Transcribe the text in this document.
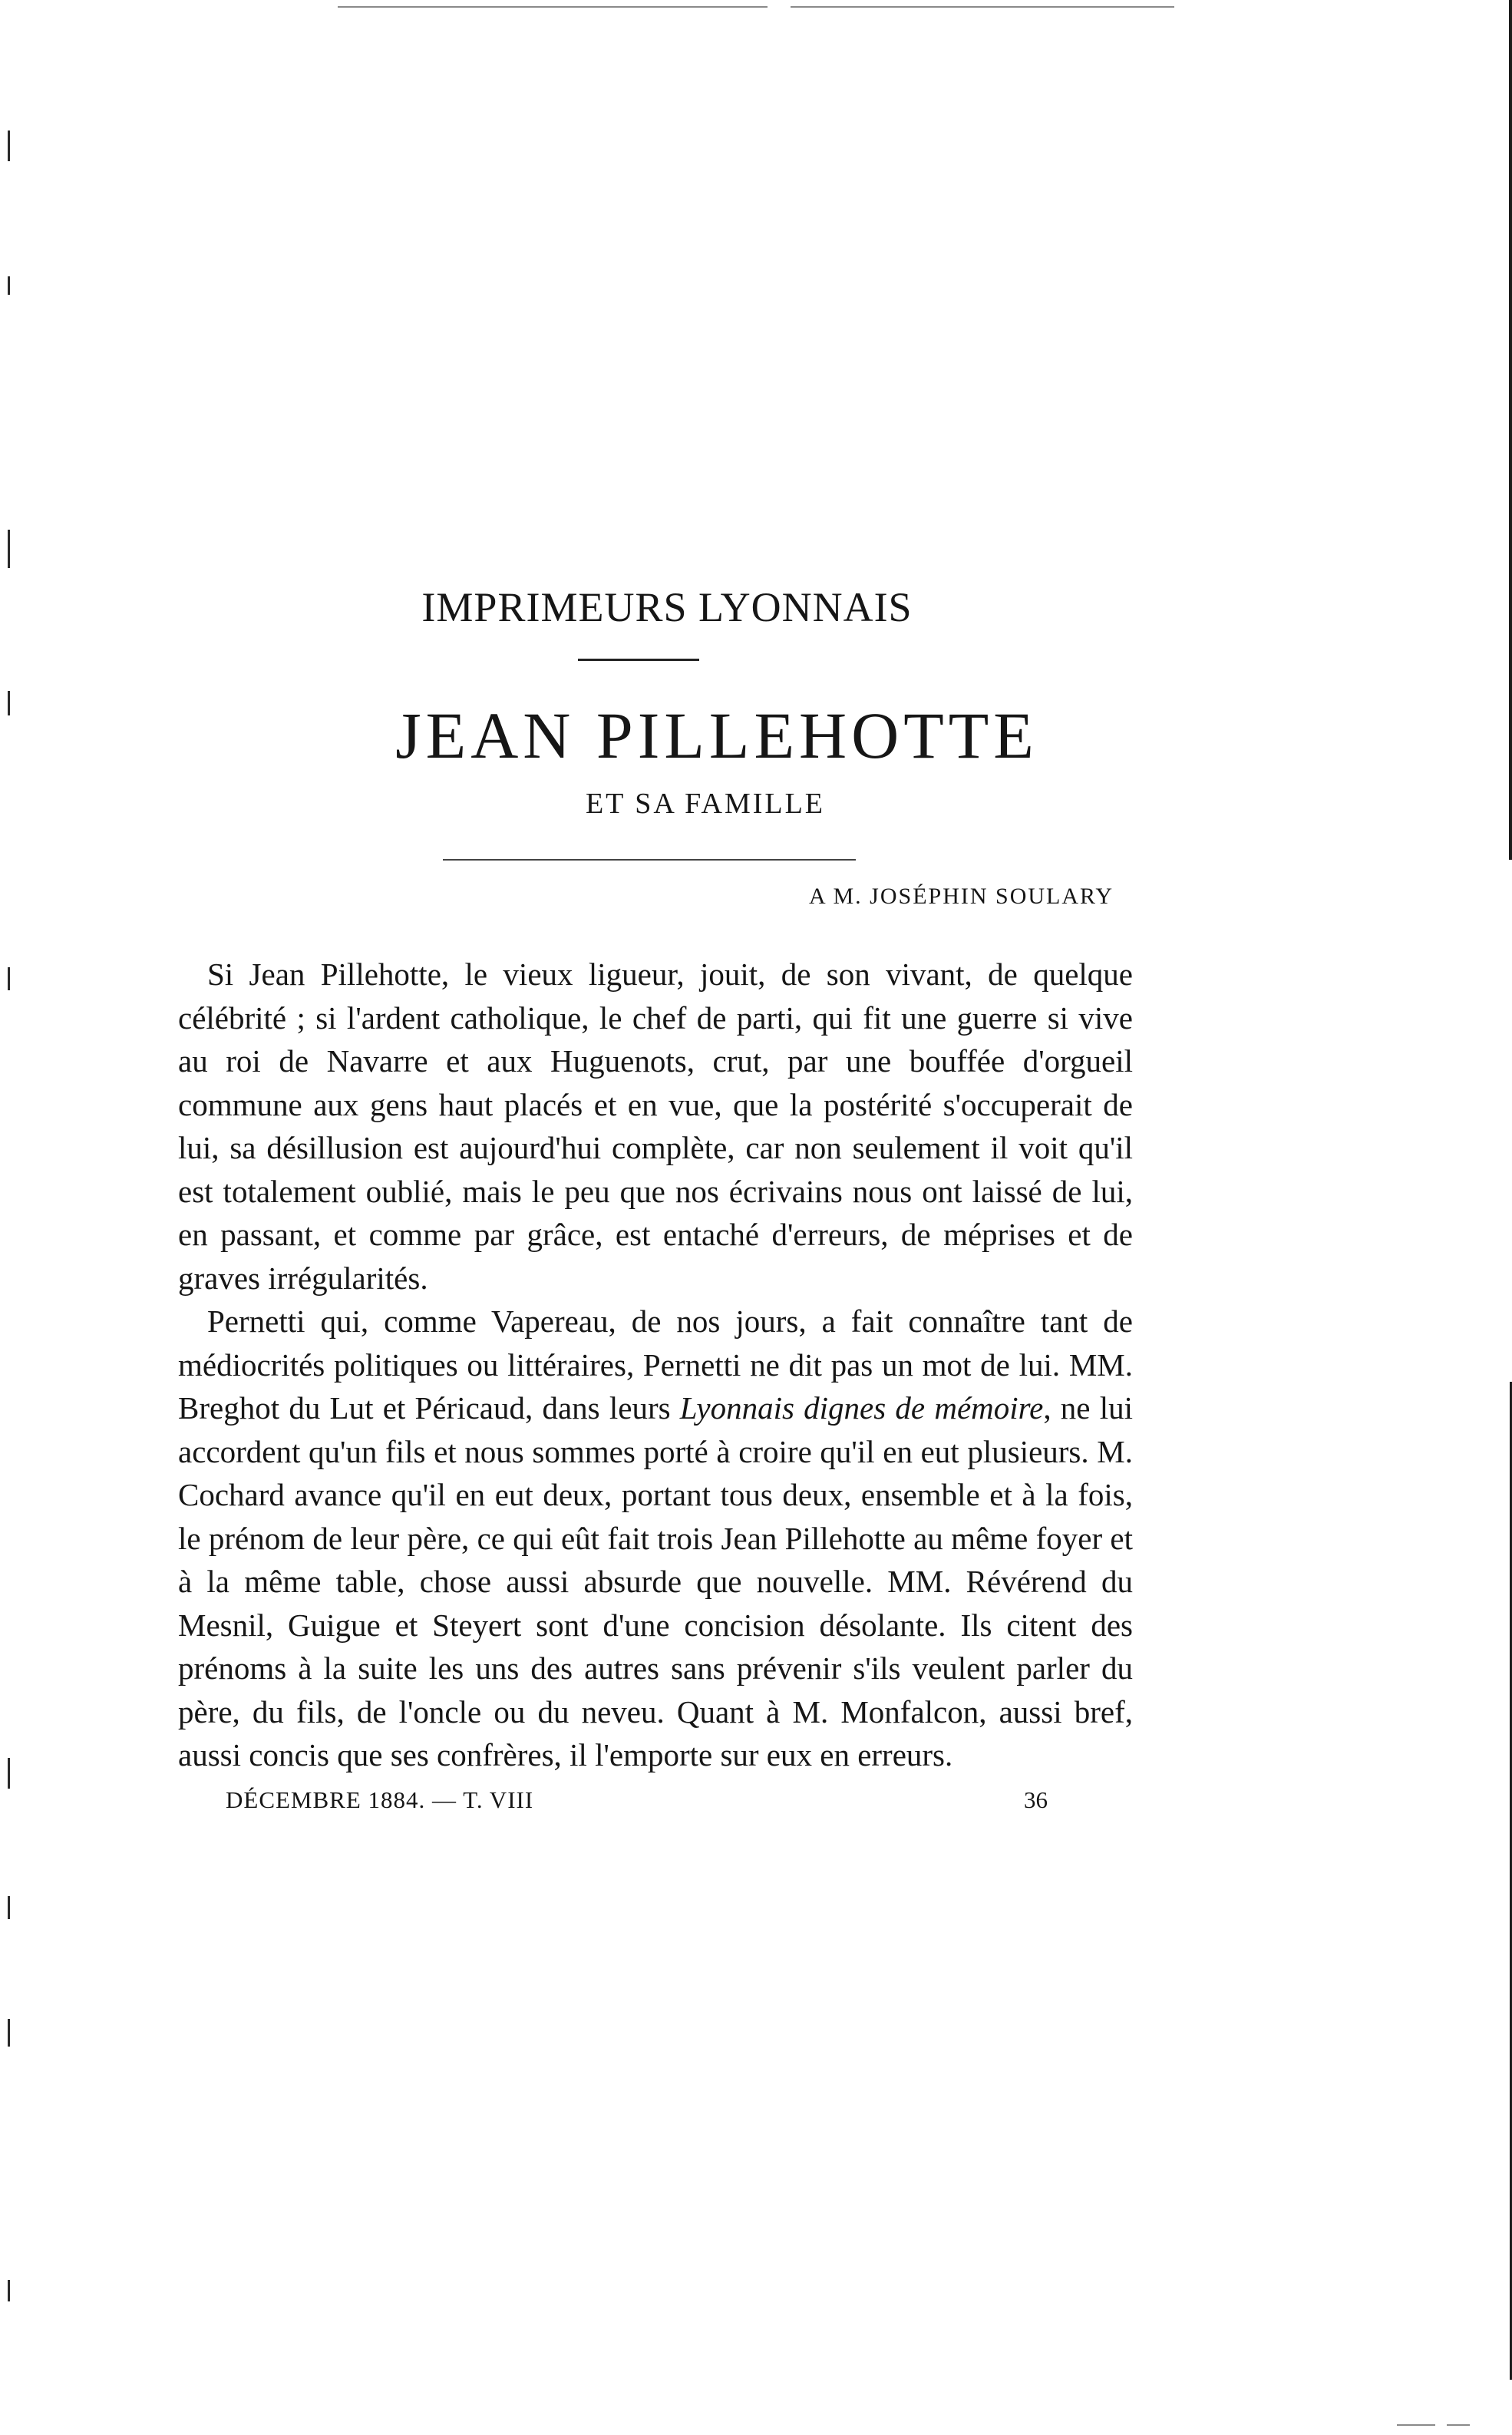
IMPRIMEURS LYONNAIS
JEAN PILLEHOTTE
ET SA FAMILLE
A M. JOSÉPHIN SOULARY

Si Jean Pillehotte, le vieux ligueur, jouit, de son vivant, de quelque célébrité ; si l'ardent catholique, le chef de parti, qui fit une guerre si vive au roi de Navarre et aux Huguenots, crut, par une bouffée d'orgueil commune aux gens haut placés et en vue, que la postérité s'occuperait de lui, sa désillusion est aujourd'hui complète, car non seulement il voit qu'il est totalement oublié, mais le peu que nos écrivains nous ont laissé de lui, en passant, et comme par grâce, est entaché d'erreurs, de méprises et de graves irrégularités.

Pernetti qui, comme Vapereau, de nos jours, a fait connaître tant de médiocrités politiques ou littéraires, Pernetti ne dit pas un mot de lui. MM. Breghot du Lut et Péricaud, dans leurs Lyonnais dignes de mémoire, ne lui accordent qu'un fils et nous sommes porté à croire qu'il en eut plusieurs. M. Cochard avance qu'il en eut deux, portant tous deux, ensemble et à la fois, le prénom de leur père, ce qui eût fait trois Jean Pillehotte au même foyer et à la même table, chose aussi absurde que nouvelle. MM. Révérend du Mesnil, Guigue et Steyert sont d'une concision désolante. Ils citent des prénoms à la suite les uns des autres sans prévenir s'ils veulent parler du père, du fils, de l'oncle ou du neveu. Quant à M. Monfalcon, aussi bref, aussi concis que ses confrères, il l'emporte sur eux en erreurs.

DÉCEMBRE 1884. — T. VIII	36
